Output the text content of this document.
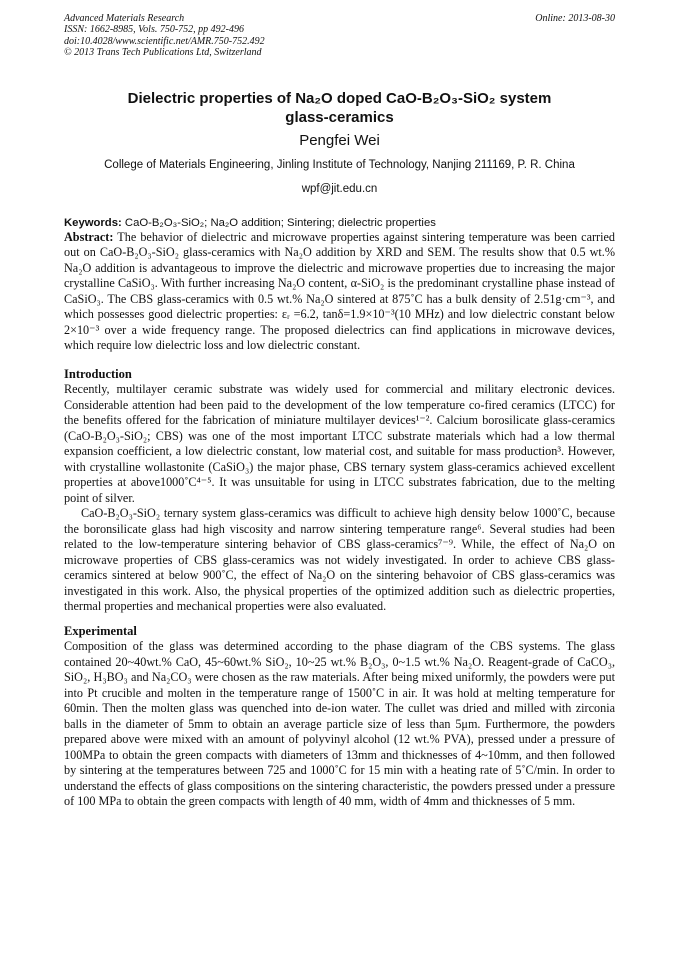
Advanced Materials Research
ISSN: 1662-8985, Vols. 750-752, pp 492-496
doi:10.4028/www.scientific.net/AMR.750-752.492
© 2013 Trans Tech Publications Ltd, Switzerland
Online: 2013-08-30
Dielectric properties of Na₂O doped CaO-B₂O₃-SiO₂ system glass-ceramics
Pengfei Wei
College of Materials Engineering, Jinling Institute of Technology, Nanjing 211169, P. R. China
wpf@jit.edu.cn
Keywords: CaO-B₂O₃-SiO₂; Na₂O addition; Sintering; dielectric properties

Abstract: The behavior of dielectric and microwave properties against sintering temperature was been carried out on CaO-B₂O₃-SiO₂ glass-ceramics with Na₂O addition by XRD and SEM. The results show that 0.5 wt.% Na₂O addition is advantageous to improve the dielectric and microwave properties due to increasing the major crystalline CaSiO₃. With further increasing Na₂O content, α-SiO₂ is the predominant crystalline phase instead of CaSiO₃. The CBS glass-ceramics with 0.5 wt.% Na₂O sintered at 875˚C has a bulk density of 2.51g·cm⁻³, and which possesses good dielectric properties: εᵣ =6.2, tanδ=1.9×10⁻³(10 MHz) and low dielectric constant below 2×10⁻³ over a wide frequency range. The proposed dielectrics can find applications in microwave devices, which require low dielectric loss and low dielectric constant.

Introduction

Recently, multilayer ceramic substrate was widely used for commercial and military electronic devices. Considerable attention had been paid to the development of the low temperature co-fired ceramics (LTCC) for the benefits offered for the fabrication of miniature multilayer devices¹⁻². Calcium borosilicate glass-ceramics (CaO-B₂O₃-SiO₂; CBS) was one of the most important LTCC substrate materials which had a low thermal expansion coefficient, a low dielectric constant, low material cost, and suitable for mass production³. However, with crystalline wollastonite (CaSiO₃) the major phase, CBS ternary system glass-ceramics achieved excellent properties at above1000˚C⁴⁻⁵. It was unsuitable for using in LTCC substrates fabrication, due to the melting point of silver.

CaO-B₂O₃-SiO₂ ternary system glass-ceramics was difficult to achieve high density below 1000˚C, because the boronsilicate glass had high viscosity and narrow sintering temperature range⁶. Several studies had been related to the low-temperature sintering behavior of CBS glass-ceramics⁷⁻⁹. While, the effect of Na₂O on microwave properties of CBS glass-ceramics was not widely investigated. In order to achieve CBS glass-ceramics sintered at below 900˚C, the effect of Na₂O on the sintering behavoior of CBS glass-ceramics was investigated in this work. Also, the physical properties of the optimized addition such as dielectric properties, thermal properties and mechanical properties were also evaluated.

Experimental

Composition of the glass was determined according to the phase diagram of the CBS systems. The glass contained 20~40wt.% CaO, 45~60wt.% SiO₂, 10~25 wt.% B₂O₃, 0~1.5 wt.% Na₂O. Reagent-grade of CaCO₃, SiO₂, H₃BO₃ and Na₂CO₃ were chosen as the raw materials. After being mixed uniformly, the powders were put into Pt crucible and molten in the temperature range of 1500˚C in air. It was hold at melting temperature for 60min. Then the molten glass was quenched into de-ion water. The cullet was dried and milled with zirconia balls in the diameter of 5mm to obtain an average particle size of less than 5μm. Furthermore, the powders prepared above were mixed with an amount of polyvinyl alcohol (12 wt.% PVA), pressed under a pressure of 100MPa to obtain the green compacts with diameters of 13mm and thicknesses of 4~10mm, and then followed by sintering at the temperatures between 725 and 1000˚C for 15 min with a heating rate of 5˚C/min. In order to understand the effects of glass compositions on the sintering characteristic, the powders pressed under a pressure of 100 MPa to obtain the green compacts with length of 40 mm, width of 4mm and thicknesses of 5 mm.
